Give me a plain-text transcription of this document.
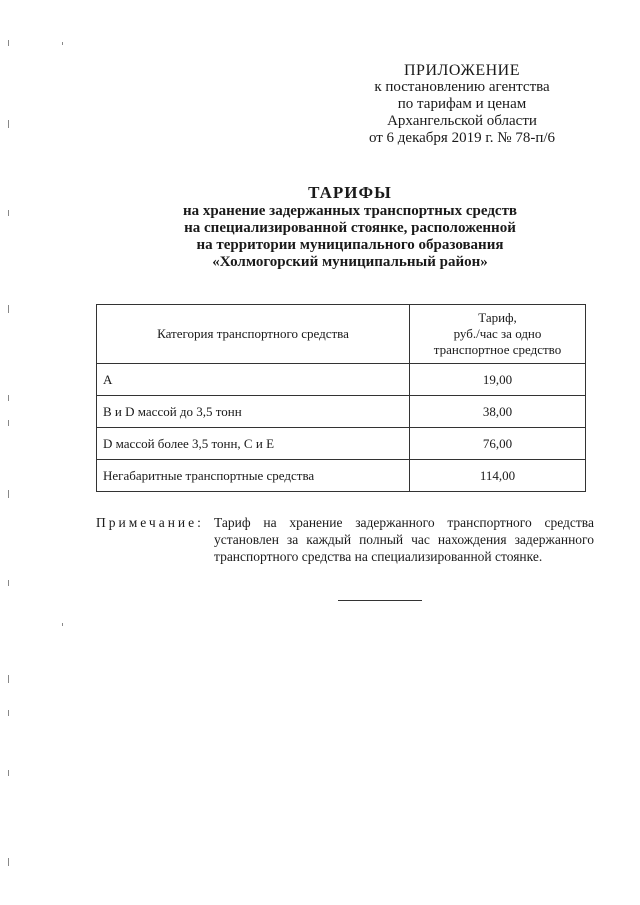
ПРИЛОЖЕНИЕ
к постановлению агентства
по тарифам и ценам
Архангельской области
от 6 декабря 2019 г. № 78-п/6
ТАРИФЫ
на хранение задержанных транспортных средств
на специализированной стоянке, расположенной
на территории муниципального образования
«Холмогорский муниципальный район»
Категория транспортного средства	Тариф,
руб./час за одно
транспортное средство

A	19,00
B и D массой до 3,5 тонн	38,00
D массой более 3,5 тонн, C и E	76,00
Негабаритные транспортные средства	114,00
Примечание: Тариф на хранение задержанного транспортного средства установлен за каждый полный час нахождения задержанного транспортного средства на специализированной стоянке.
